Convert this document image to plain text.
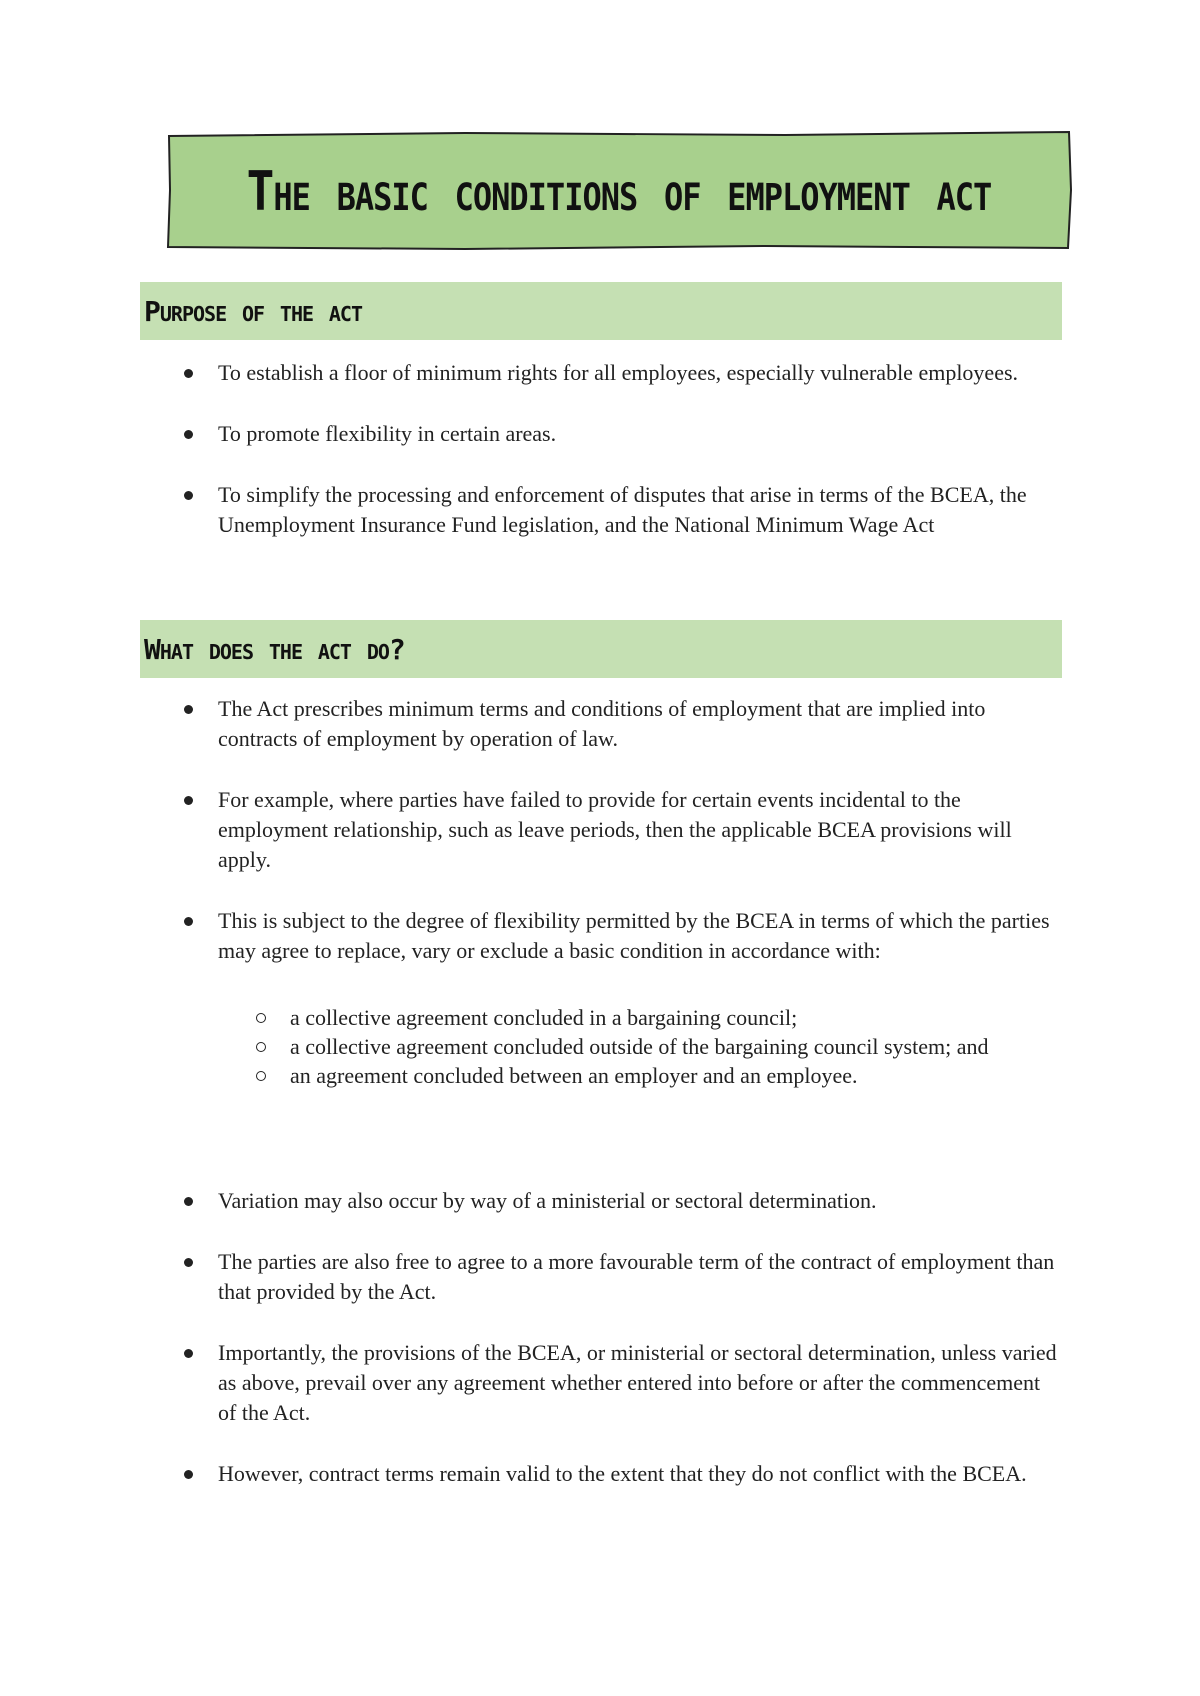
The basic conditions of employment act
Purpose of the act
To establish a floor of minimum rights for all employees, especially vulnerable employees.
To promote flexibility in certain areas.
To simplify the processing and enforcement of disputes that arise in terms of the BCEA, the Unemployment Insurance Fund legislation, and the National Minimum Wage Act
What does the act do?
The Act prescribes minimum terms and conditions of employment that are implied into contracts of employment by operation of law.
For example, where parties have failed to provide for certain events incidental to the employment relationship, such as leave periods, then the applicable BCEA provisions will apply.
This is subject to the degree of flexibility permitted by the BCEA in terms of which the parties may agree to replace, vary or exclude a basic condition in accordance with:
a collective agreement concluded in a bargaining council;
a collective agreement concluded outside of the bargaining council system; and
an agreement concluded between an employer and an employee.
Variation may also occur by way of a ministerial or sectoral determination.
The parties are also free to agree to a more favourable term of the contract of employment than that provided by the Act.
Importantly, the provisions of the BCEA, or ministerial or sectoral determination, unless varied as above, prevail over any agreement whether entered into before or after the commencement of the Act.
However, contract terms remain valid to the extent that they do not conflict with the BCEA.
